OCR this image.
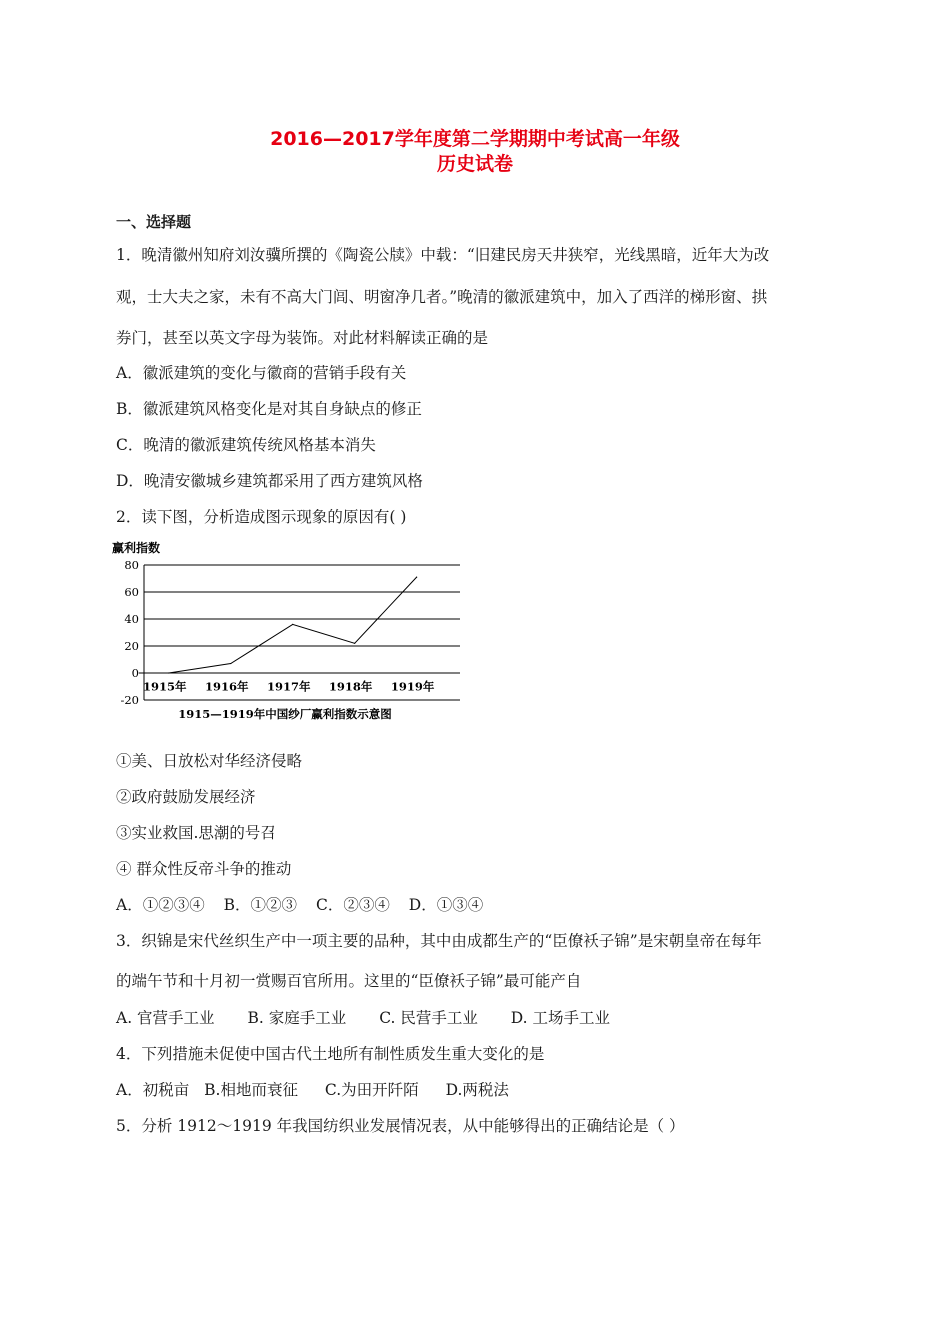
2016—2017学年度第二学期期中考试高一年级
历史试卷
一、选择题
1．晚清徽州知府刘汝骥所撰的《陶瓷公牍》中载：“旧建民房天井狭窄，光线黑暗，近年大为改
观，士大夫之家，未有不高大门闾、明窗净几者。”晚清的徽派建筑中，加入了西洋的梯形窗、拱
券门，甚至以英文字母为装饰。对此材料解读正确的是
A．徽派建筑的变化与徽商的营销手段有关
B．徽派建筑风格变化是对其自身缺点的修正
C．晚清的徽派建筑传统风格基本消失
D．晚清安徽城乡建筑都采用了西方建筑风格
2．读下图，分析造成图示现象的原因有( )
赢利指数
80
60
40
20
0
-20
1915年 1916年 1917年 1918年 1919年
1915—1919年中国纱厂赢利指数示意图
①美、日放松对华经济侵略
②政府鼓励发展经济
③实业救国.思潮的号召
④ 群众性反帝斗争的推动
A．①②③④ B．①②③ C．②③④ D．①③④
3．织锦是宋代丝织生产中一项主要的品种，其中由成都生产的“臣僚袄子锦”是宋朝皇帝在每年
的端午节和十月初一赏赐百官所用。这里的“臣僚袄子锦”最可能产自
A. 官营手工业 B. 家庭手工业 C. 民营手工业 D. 工场手工业
4．下列措施未促使中国古代土地所有制性质发生重大变化的是
A．初税亩 B.相地而衰征 C.为田开阡陌 D.两税法
5．分析 1912～1919 年我国纺织业发展情况表，从中能够得出的正确结论是（ ）
